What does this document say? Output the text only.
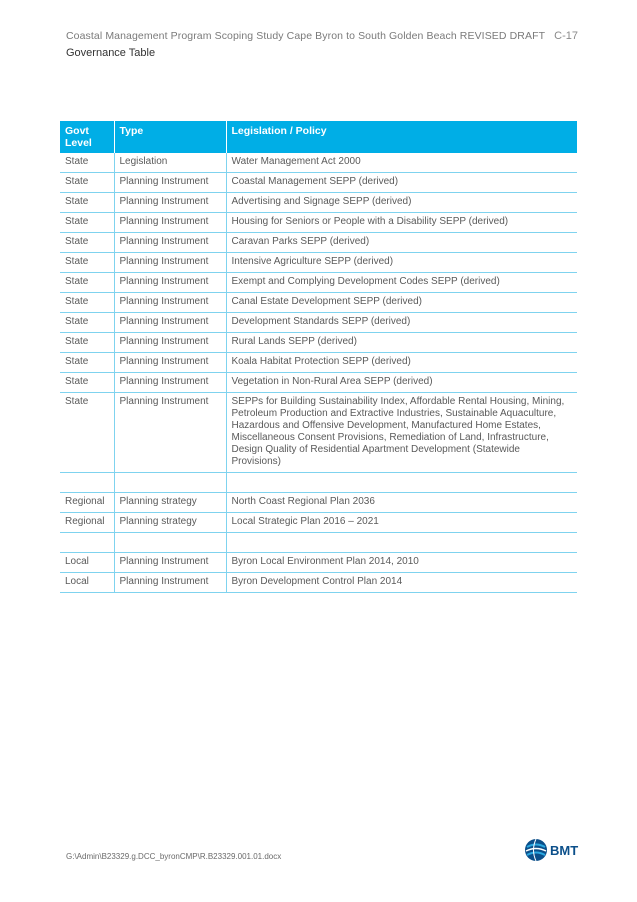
Coastal Management Program Scoping Study Cape Byron to South Golden Beach REVISED DRAFT C-17
Governance Table
Govt Level	Type	Legislation / Policy
State	Legislation	Water Management Act 2000
State	Planning Instrument	Coastal Management SEPP (derived)
State	Planning Instrument	Advertising and Signage SEPP (derived)
State	Planning Instrument	Housing for Seniors or People with a Disability SEPP (derived)
State	Planning Instrument	Caravan Parks SEPP (derived)
State	Planning Instrument	Intensive Agriculture SEPP (derived)
State	Planning Instrument	Exempt and Complying Development Codes SEPP (derived)
State	Planning Instrument	Canal Estate Development SEPP (derived)
State	Planning Instrument	Development Standards SEPP (derived)
State	Planning Instrument	Rural Lands SEPP (derived)
State	Planning Instrument	Koala Habitat Protection SEPP (derived)
State	Planning Instrument	Vegetation in Non-Rural Area SEPP (derived)
State	Planning Instrument	SEPPs for Building Sustainability Index, Affordable Rental Housing, Mining, Petroleum Production and Extractive Industries, Sustainable Aquaculture, Hazardous and Offensive Development, Manufactured Home Estates, Miscellaneous Consent Provisions, Remediation of Land, Infrastructure, Design Quality of Residential Apartment Development (Statewide Provisions)

Regional	Planning strategy	North Coast Regional Plan 2036
Regional	Planning strategy	Local Strategic Plan 2016 – 2021

Local	Planning Instrument	Byron Local Environment Plan 2014, 2010
Local	Planning Instrument	Byron Development Control Plan 2014
G:\Admin\B23329.g.DCC_byronCMP\R.B23329.001.01.docx	BMT
